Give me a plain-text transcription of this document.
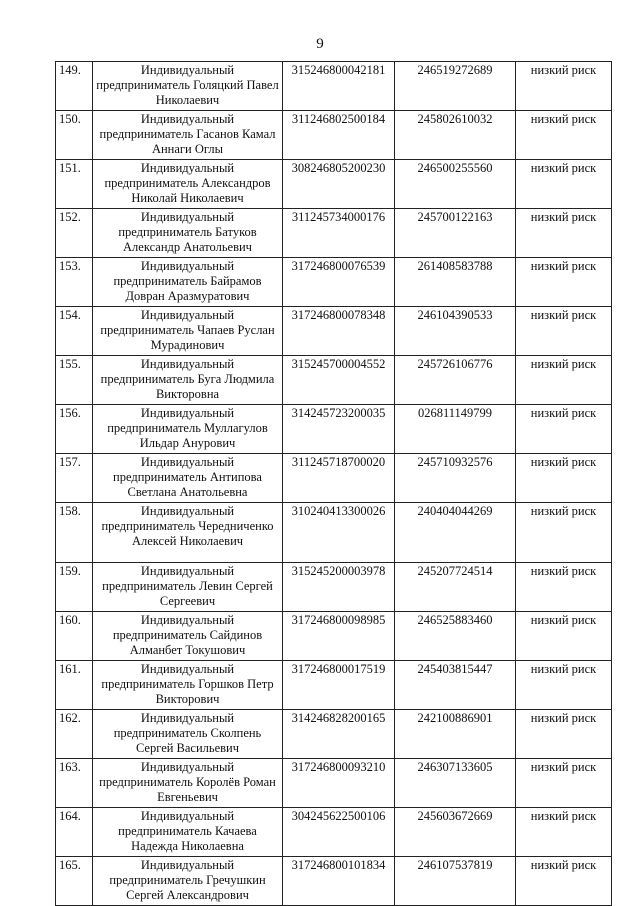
9
149.	Индивидуальный предприниматель Голяцкий Павел Николаевич	315246800042181	246519272689	низкий риск
150.	Индивидуальный предприниматель Гасанов Камал Аннаги Оглы	311246802500184	245802610032	низкий риск
151.	Индивидуальный предприниматель Александров Николай Николаевич	308246805200230	246500255560	низкий риск
152.	Индивидуальный предприниматель Батуков Александр Анатольевич	311245734000176	245700122163	низкий риск
153.	Индивидуальный предприниматель Байрамов Довран Аразмуратович	317246800076539	261408583788	низкий риск
154.	Индивидуальный предприниматель Чапаев Руслан Мурадинович	317246800078348	246104390533	низкий риск
155.	Индивидуальный предприниматель Буга Людмила Викторовна	315245700004552	245726106776	низкий риск
156.	Индивидуальный предприниматель Муллагулов Ильдар Анурович	314245723200035	026811149799	низкий риск
157.	Индивидуальный предприниматель Антипова Светлана Анатольевна	311245718700020	245710932576	низкий риск
158.	Индивидуальный предприниматель Чередниченко Алексей Николаевич	310240413300026	240404044269	низкий риск
159.	Индивидуальный предприниматель Левин Сергей Сергеевич	315245200003978	245207724514	низкий риск
160.	Индивидуальный предприниматель Сайдинов Алманбет Токушович	317246800098985	246525883460	низкий риск
161.	Индивидуальный предприниматель Горшков Петр Викторович	317246800017519	245403815447	низкий риск
162.	Индивидуальный предприниматель Сколпень Сергей Васильевич	314246828200165	242100886901	низкий риск
163.	Индивидуальный предприниматель Королёв Роман Евгеньевич	317246800093210	246307133605	низкий риск
164.	Индивидуальный предприниматель Качаева Надежда Николаевна	304245622500106	245603672669	низкий риск
165.	Индивидуальный предприниматель Гречушкин Сергей Александрович	317246800101834	246107537819	низкий риск
